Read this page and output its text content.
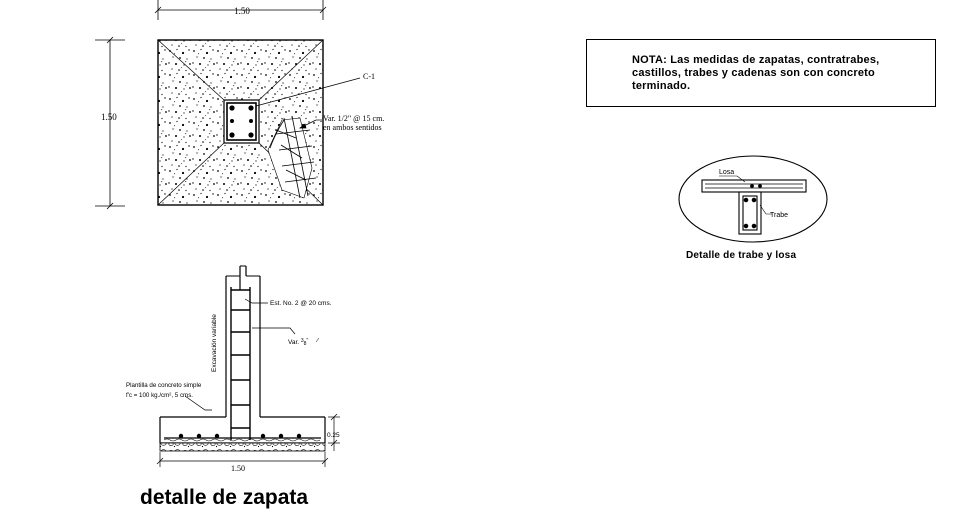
1.50
1.50
C-1
Var. 1/2" @ 15 cm.
en ambos sentidos
Est. No. 2 @ 20 cms.
Var. $^3_8$"
Excavación variable
Plantilla de concreto simple
f'c = 100 kg./cm², 5 cms.
0.25
1.50
Losa
Trabe
NOTA: Las medidas de zapatas, contratrabes, castillos, trabes y cadenas son con concreto terminado.
Detalle de trabe y losa
detalle de zapata
